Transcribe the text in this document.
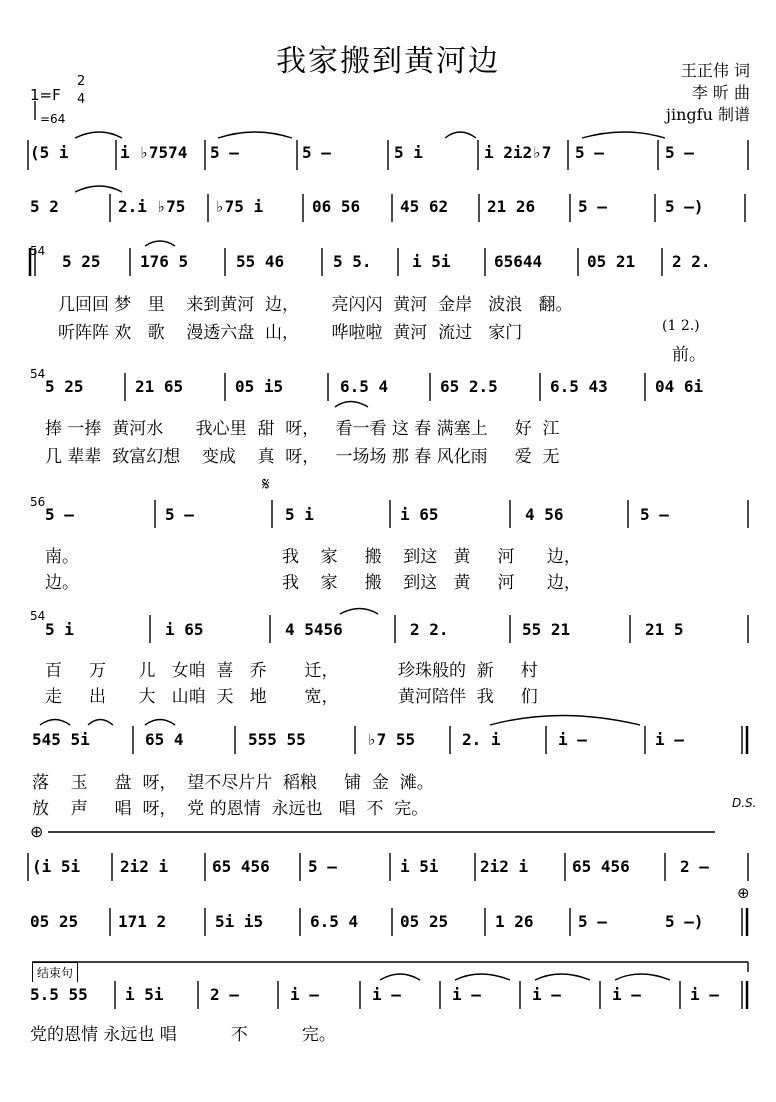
我家搬到黄河边	王正伟 词
李 昕 曲
jingfu 制谱
1=F
2
4
=64
(5 i	i ♭7574 5 –	5 –	5 i	i 2i2♭7 5 –	5 –
5 2	2.i ♭75 ♭75 i	06 56 45 62 21 26	5 –	5 –)
54
5 25 176 5	55 46	5 5.	i 5i	65644	05 21 2 2.
几回回 梦   里    来到黄河  边，      亮闪闪  黄河  金岸   波浪   翻。
听阵阵 欢   歌    漫透六盘  山，      哗啦啦  黄河  流过   家门	(1 2.)
前。
54
5 25	21 65	05 i5	6.5 4	65 2.5	6.5 43	04 6i
捧 一捧  黄河水      我心里  甜  呀，   看一看 这 春 满塞上     好  江
几 辈辈  致富幻想    变成    真  呀，   一场场 那 春 风化雨     爱  无
56
𝄋
5 –	5 –	5 i	i 65	4 56	5 –
南。
边。
我    家     搬    到这   黄     河      边，
我    家     搬    到这   黄     河      边，
54
5 i	i 65	4 5456	2 2.	55 21	21 5
百     万      儿   女咱  喜   乔       迁，           珍珠般的  新     村
走     出      大   山咱  天   地       宽，           黄河陪伴  我     们
545 5i	65 4	555 55	♭7 55	2. i	i –	i –
落    玉     盘  呀，  望不尽片片  稻粮     铺  金  滩。
放    声     唱  呀，  党 的恩情  永远也   唱  不  完。	D.S.
⊕
(i 5i 2i2 i	65 456 5 –	i 5i	2i2 i	65 456	2 –
⊕
05 25 171 2	5i i5	6.5 4	05 25	1 26	5 –	5 –)
结束句
5.5 55 i 5i	2 –	i –	i –	i –	i –	i –	i –
党的恩情 永远也 唱          不          完。
